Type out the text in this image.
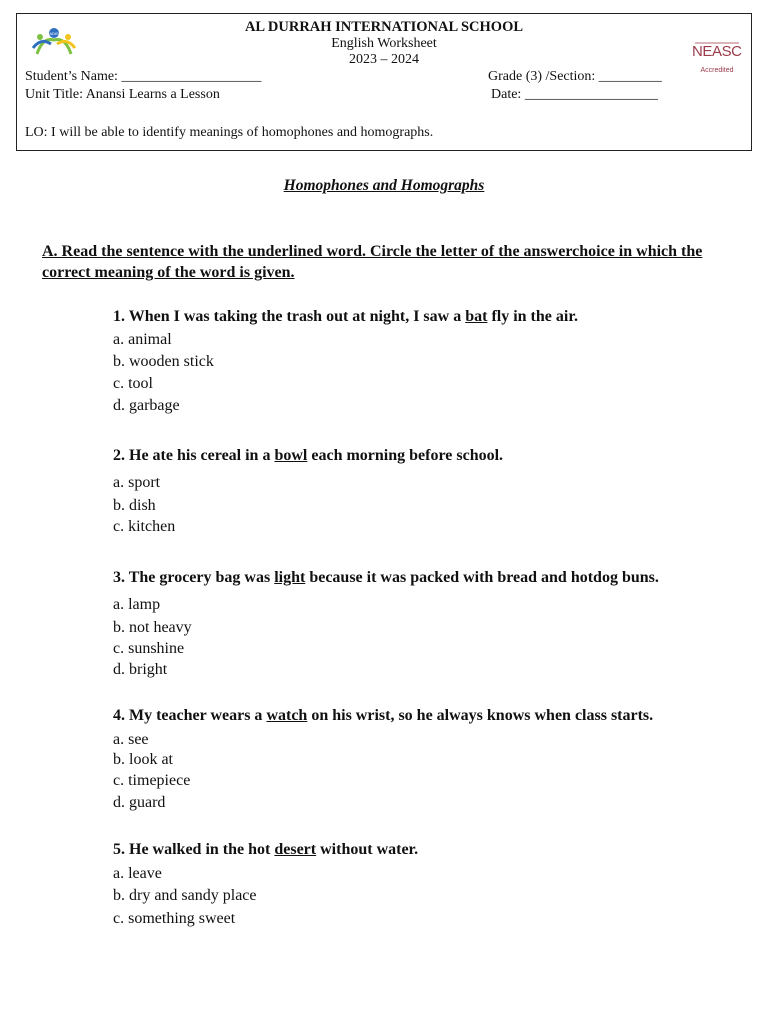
ADIS	AL DURRAH INTERNATIONAL SCHOOL
English Worksheet
2023 – 2024
Student’s Name: ____________________	Grade (3) /Section: _________
Unit Title: Anansi Learns a Lesson	Date: ___________________
LO: I will be able to identify meanings of homophones and homographs.
NEASC
Accredited
Homophones and Homographs
A. Read the sentence with the underlined word. Circle the letter of the answerchoice in which the correct meaning of the word is given.
1. When I was taking the trash out at night, I saw a bat fly in the air.
a. animal
b. wooden stick
c. tool
d. garbage
2. He ate his cereal in a bowl each morning before school.
a. sport
b. dish
c. kitchen
3. The grocery bag was light because it was packed with bread and hotdog buns.
a. lamp
b. not heavy
c. sunshine
d. bright
4. My teacher wears a watch on his wrist, so he always knows when class starts.
a. see
b. look at
c. timepiece
d. guard
5. He walked in the hot desert without water.
a. leave
b. dry and sandy place
c. something sweet
